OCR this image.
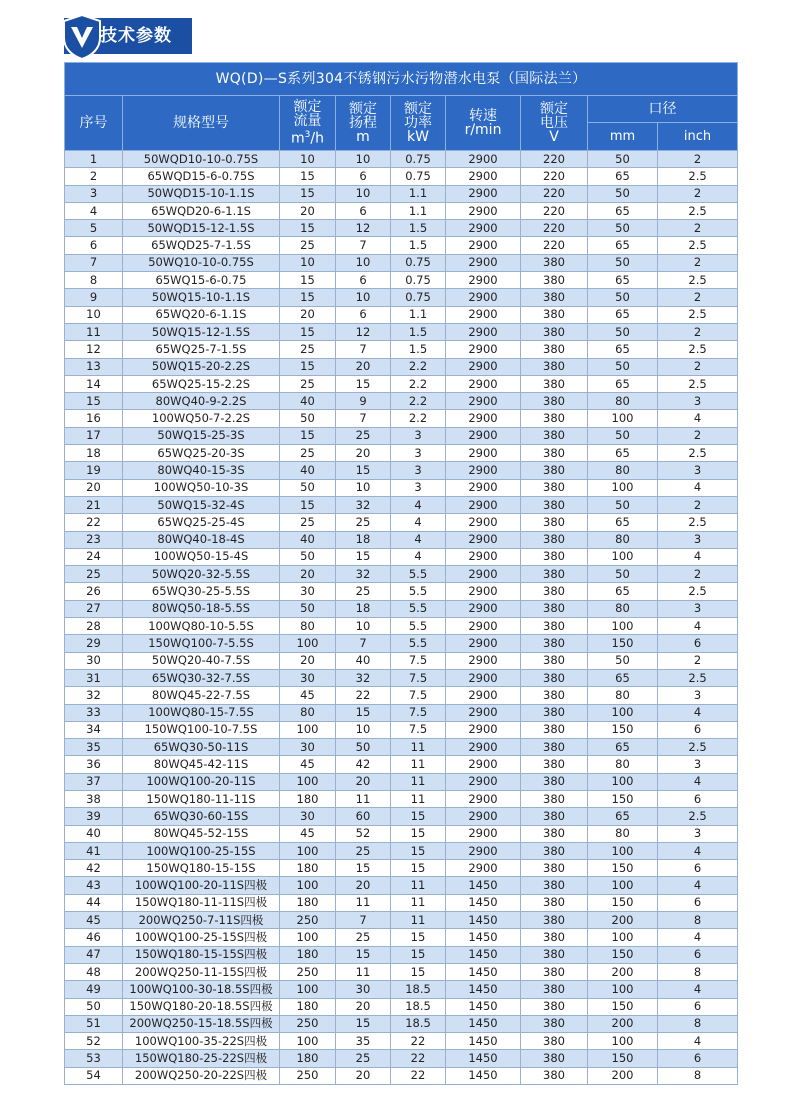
技术参数
WQ(D)—S系列304不锈钢污水污物潜水电泵（国际法兰）								
序号	规格型号	额定
流量
$m^3/h$	额定
扬程
m	额定
功率
kW	转速
r/min	额定
电压
V	口径	
							mm	inch
1	50WQD10-10-0.75S	10	10	0.75	2900	220	50	2
2	65WQD15-6-0.75S	15	6	0.75	2900	220	65	2.5
3	50WQD15-10-1.1S	15	10	1.1	2900	220	50	2
4	65WQD20-6-1.1S	20	6	1.1	2900	220	65	2.5
5	50WQD15-12-1.5S	15	12	1.5	2900	220	50	2
6	65WQD25-7-1.5S	25	7	1.5	2900	220	65	2.5
7	50WQ10-10-0.75S	10	10	0.75	2900	380	50	2
8	65WQ15-6-0.75	15	6	0.75	2900	380	65	2.5
9	50WQ15-10-1.1S	15	10	0.75	2900	380	50	2
10	65WQ20-6-1.1S	20	6	1.1	2900	380	65	2.5
11	50WQ15-12-1.5S	15	12	1.5	2900	380	50	2
12	65WQ25-7-1.5S	25	7	1.5	2900	380	65	2.5
13	50WQ15-20-2.2S	15	20	2.2	2900	380	50	2
14	65WQ25-15-2.2S	25	15	2.2	2900	380	65	2.5
15	80WQ40-9-2.2S	40	9	2.2	2900	380	80	3
16	100WQ50-7-2.2S	50	7	2.2	2900	380	100	4
17	50WQ15-25-3S	15	25	3	2900	380	50	2
18	65WQ25-20-3S	25	20	3	2900	380	65	2.5
19	80WQ40-15-3S	40	15	3	2900	380	80	3
20	100WQ50-10-3S	50	10	3	2900	380	100	4
21	50WQ15-32-4S	15	32	4	2900	380	50	2
22	65WQ25-25-4S	25	25	4	2900	380	65	2.5
23	80WQ40-18-4S	40	18	4	2900	380	80	3
24	100WQ50-15-4S	50	15	4	2900	380	100	4
25	50WQ20-32-5.5S	20	32	5.5	2900	380	50	2
26	65WQ30-25-5.5S	30	25	5.5	2900	380	65	2.5
27	80WQ50-18-5.5S	50	18	5.5	2900	380	80	3
28	100WQ80-10-5.5S	80	10	5.5	2900	380	100	4
29	150WQ100-7-5.5S	100	7	5.5	2900	380	150	6
30	50WQ20-40-7.5S	20	40	7.5	2900	380	50	2
31	65WQ30-32-7.5S	30	32	7.5	2900	380	65	2.5
32	80WQ45-22-7.5S	45	22	7.5	2900	380	80	3
33	100WQ80-15-7.5S	80	15	7.5	2900	380	100	4
34	150WQ100-10-7.5S	100	10	7.5	2900	380	150	6
35	65WQ30-50-11S	30	50	11	2900	380	65	2.5
36	80WQ45-42-11S	45	42	11	2900	380	80	3
37	100WQ100-20-11S	100	20	11	2900	380	100	4
38	150WQ180-11-11S	180	11	11	2900	380	150	6
39	65WQ30-60-15S	30	60	15	2900	380	65	2.5
40	80WQ45-52-15S	45	52	15	2900	380	80	3
41	100WQ100-25-15S	100	25	15	2900	380	100	4
42	150WQ180-15-15S	180	15	15	2900	380	150	6
43	100WQ100-20-11S四极	100	20	11	1450	380	100	4
44	150WQ180-11-11S四极	180	11	11	1450	380	150	6
45	200WQ250-7-11S四极	250	7	11	1450	380	200	8
46	100WQ100-25-15S四极	100	25	15	1450	380	100	4
47	150WQ180-15-15S四极	180	15	15	1450	380	150	6
48	200WQ250-11-15S四极	250	11	15	1450	380	200	8
49	100WQ100-30-18.5S四极	100	30	18.5	1450	380	100	4
50	150WQ180-20-18.5S四极	180	20	18.5	1450	380	150	6
51	200WQ250-15-18.5S四极	250	15	18.5	1450	380	200	8
52	100WQ100-35-22S四极	100	35	22	1450	380	100	4
53	150WQ180-25-22S四极	180	25	22	1450	380	150	6
54	200WQ250-20-22S四极	250	20	22	1450	380	200	8
